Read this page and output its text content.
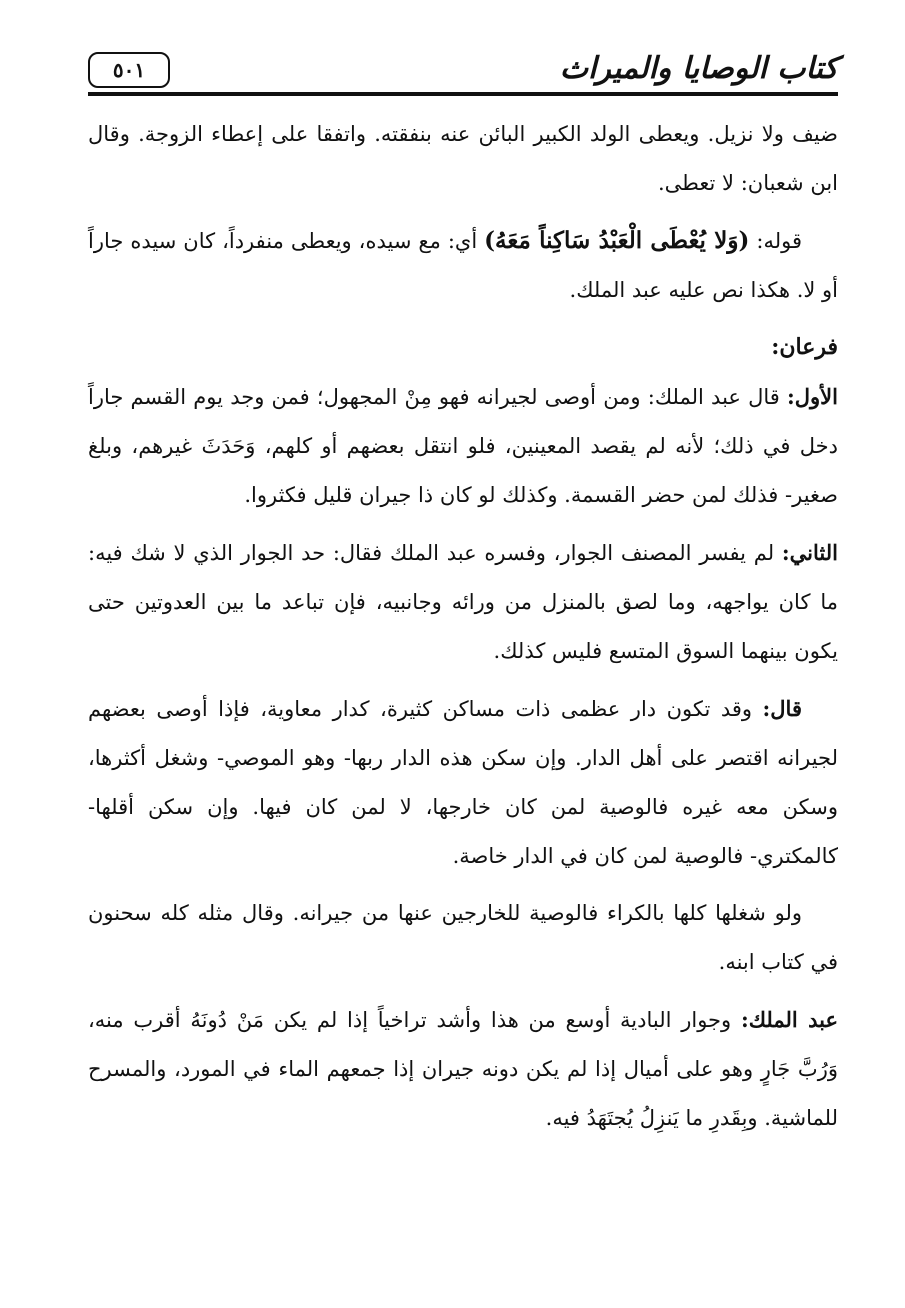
٥٠١	كتاب الوصايا والميراث

ضيف ولا نزيل. ويعطى الولد الكبير البائن عنه بنفقته. واتفقا على إعطاء الزوجة. وقال ابن شعبان: لا تعطى.

قوله: (وَلا يُعْطَى الْعَبْدُ سَاكِناً مَعَهُ) أي: مع سيده، ويعطى منفرداً، كان سيده جاراً أو لا. هكذا نص عليه عبد الملك.

فرعان:

الأول: قال عبد الملك: ومن أوصى لجيرانه فهو مِنْ المجهول؛ فمن وجد يوم القسم جاراً دخل في ذلك؛ لأنه لم يقصد المعينين، فلو انتقل بعضهم أو كلهم، وَحَدَثَ غيرهم، وبلغ صغير- فذلك لمن حضر القسمة. وكذلك لو كان ذا جيران قليل فكثروا.

الثاني: لم يفسر المصنف الجوار، وفسره عبد الملك فقال: حد الجوار الذي لا شك فيه: ما كان يواجهه، وما لصق بالمنزل من ورائه وجانبيه، فإن تباعد ما بين العدوتين حتى يكون بينهما السوق المتسع فليس كذلك.

قال: وقد تكون دار عظمى ذات مساكن كثيرة، كدار معاوية، فإذا أوصى بعضهم لجيرانه اقتصر على أهل الدار. وإن سكن هذه الدار ربها- وهو الموصي- وشغل أكثرها، وسكن معه غيره فالوصية لمن كان خارجها، لا لمن كان فيها. وإن سكن أقلها- كالمكتري- فالوصية لمن كان في الدار خاصة.

ولو شغلها كلها بالكراء فالوصية للخارجين عنها من جيرانه. وقال مثله كله سحنون في كتاب ابنه.

عبد الملك: وجوار البادية أوسع من هذا وأشد تراخياً إذا لم يكن مَنْ دُونَهُ أقرب منه، وَرُبَّ جَارٍ وهو على أميال إذا لم يكن دونه جيران إذا جمعهم الماء في المورد، والمسرح للماشية. وبِقَدرِ ما يَنزِلُ يُجتَهَدُ فيه.
